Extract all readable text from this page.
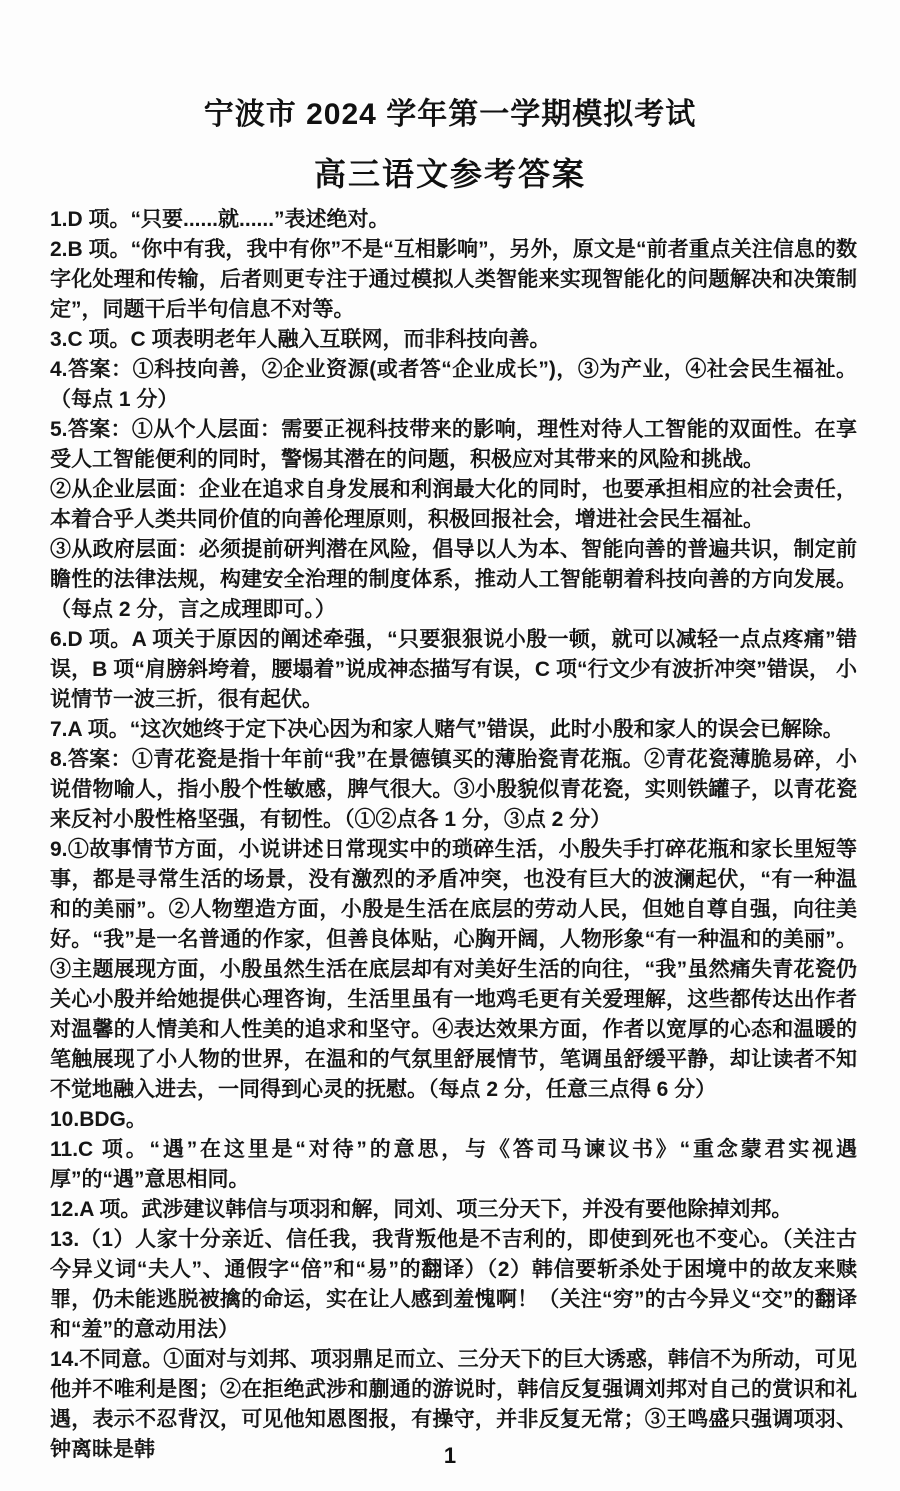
宁波市 2024 学年第一学期模拟考试
高三语文参考答案

1.D 项。“只要......就......”表述绝对。

2.B 项。“你中有我，我中有你”不是“互相影响”，另外，原文是“前者重点关注信息的数字化处理和传输，后者则更专注于通过模拟人类智能来实现智能化的问题解决和决策制定”，同题干后半句信息不对等。

3.C 项。C 项表明老年人融入互联网，而非科技向善。

4.答案：①科技向善，②企业资源(或者答“企业成长”)，③为产业，④社会民生福祉。（每点 1 分）

5.答案：①从个人层面：需要正视科技带来的影响，理性对待人工智能的双面性。在享受人工智能便利的同时，警惕其潜在的问题，积极应对其带来的风险和挑战。

②从企业层面：企业在追求自身发展和利润最大化的同时，也要承担相应的社会责任，本着合乎人类共同价值的向善伦理原则，积极回报社会，增进社会民生福祉。

③从政府层面：必须提前研判潜在风险，倡导以人为本、智能向善的普遍共识，制定前瞻性的法律法规，构建安全治理的制度体系，推动人工智能朝着科技向善的方向发展。（每点 2 分，言之成理即可。）

6.D 项。A 项关于原因的阐述牵强，“只要狠狠说小殷一顿，就可以减轻一点点疼痛”错误，B 项“肩膀斜垮着，腰塌着”说成神态描写有误，C 项“行文少有波折冲突”错误， 小说情节一波三折，很有起伏。

7.A 项。“这次她终于定下决心因为和家人赌气”错误，此时小殷和家人的误会已解除。

8.答案：①青花瓷是指十年前“我”在景德镇买的薄胎瓷青花瓶。②青花瓷薄脆易碎，小说借物喻人，指小殷个性敏感，脾气很大。③小殷貌似青花瓷，实则铁罐子，以青花瓷来反衬小殷性格坚强，有韧性。（①②点各 1 分，③点 2 分）

9.①故事情节方面，小说讲述日常现实中的琐碎生活，小殷失手打碎花瓶和家长里短等事，都是寻常生活的场景，没有激烈的矛盾冲突，也没有巨大的波澜起伏，“有一种温和的美丽”。②人物塑造方面，小殷是生活在底层的劳动人民，但她自尊自强，向往美好。“我”是一名普通的作家，但善良体贴，心胸开阔，人物形象“有一种温和的美丽”。③主题展现方面，小殷虽然生活在底层却有对美好生活的向往，“我”虽然痛失青花瓷仍关心小殷并给她提供心理咨询，生活里虽有一地鸡毛更有关爱理解，这些都传达出作者对温馨的人情美和人性美的追求和坚守。④表达效果方面，作者以宽厚的心态和温暖的笔触展现了小人物的世界，在温和的气氛里舒展情节，笔调虽舒缓平静，却让读者不知不觉地融入进去，一同得到心灵的抚慰。（每点 2 分，任意三点得 6 分）

10.BDG。

11.C 项。“遇”在这里是“对待”的意思，与《答司马谏议书》“重念蒙君实视遇厚”的“遇”意思相同。

12.A 项。武涉建议韩信与项羽和解，同刘、项三分天下，并没有要他除掉刘邦。

13.（1）人家十分亲近、信任我，我背叛他是不吉利的，即使到死也不变心。（关注古今异义词“夫人”、通假字“倍”和“易”的翻译）（2）韩信要斩杀处于困境中的故友来赎罪，仍未能逃脱被擒的命运，实在让人感到羞愧啊！（关注“穷”的古今异义“交”的翻译和“羞”的意动用法）

14.不同意。①面对与刘邦、项羽鼎足而立、三分天下的巨大诱惑，韩信不为所动，可见他并不唯利是图；②在拒绝武涉和蒯通的游说时，韩信反复强调刘邦对自己的赏识和礼遇，表示不忍背汉，可见他知恩图报，有操守，并非反复无常；③王鸣盛只强调项羽、钟离昧是韩	1
